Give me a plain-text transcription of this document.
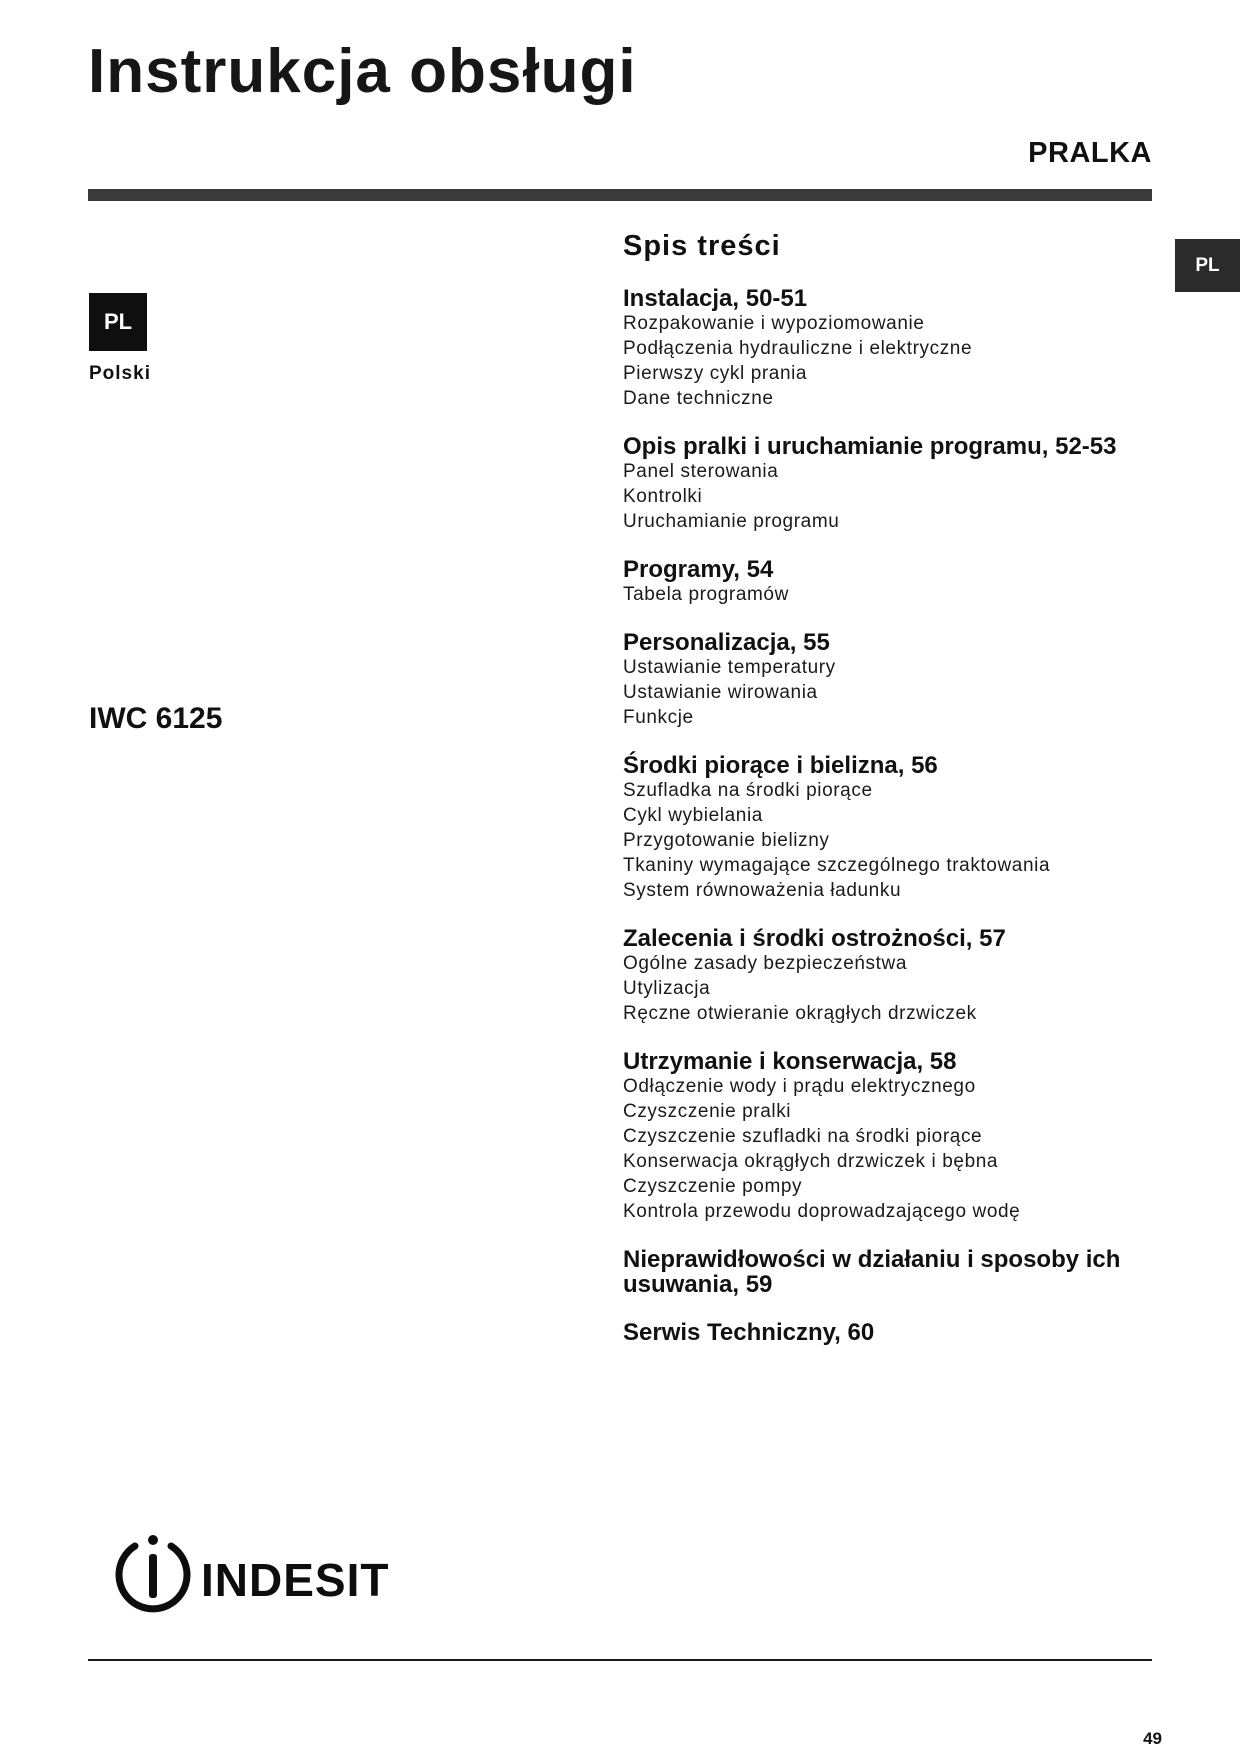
Instrukcja obsługi
PRALKA
PL
PL
Polski
IWC 6125
Spis treści
Instalacja, 50-51
Rozpakowanie i wypoziomowanie
Podłączenia hydrauliczne i elektryczne
Pierwszy cykl prania
Dane techniczne
Opis pralki i uruchamianie programu, 52-53
Panel sterowania
Kontrolki
Uruchamianie programu
Programy, 54
Tabela programów
Personalizacja, 55
Ustawianie temperatury
Ustawianie wirowania
Funkcje
Środki piorące i bielizna, 56
Szufladka na środki piorące
Cykl wybielania
Przygotowanie bielizny
Tkaniny wymagające szczególnego traktowania
System równoważenia ładunku
Zalecenia i środki ostrożności, 57
Ogólne zasady bezpieczeństwa
Utylizacja
Ręczne otwieranie okrągłych drzwiczek
Utrzymanie i konserwacja, 58
Odłączenie wody i prądu elektrycznego
Czyszczenie pralki
Czyszczenie szufladki na środki piorące
Konserwacja okrągłych drzwiczek i bębna
Czyszczenie pompy
Kontrola przewodu doprowadzającego wodę
Nieprawidłowości w działaniu i sposoby ich usuwania, 59
Serwis Techniczny, 60
INDESIT
49
